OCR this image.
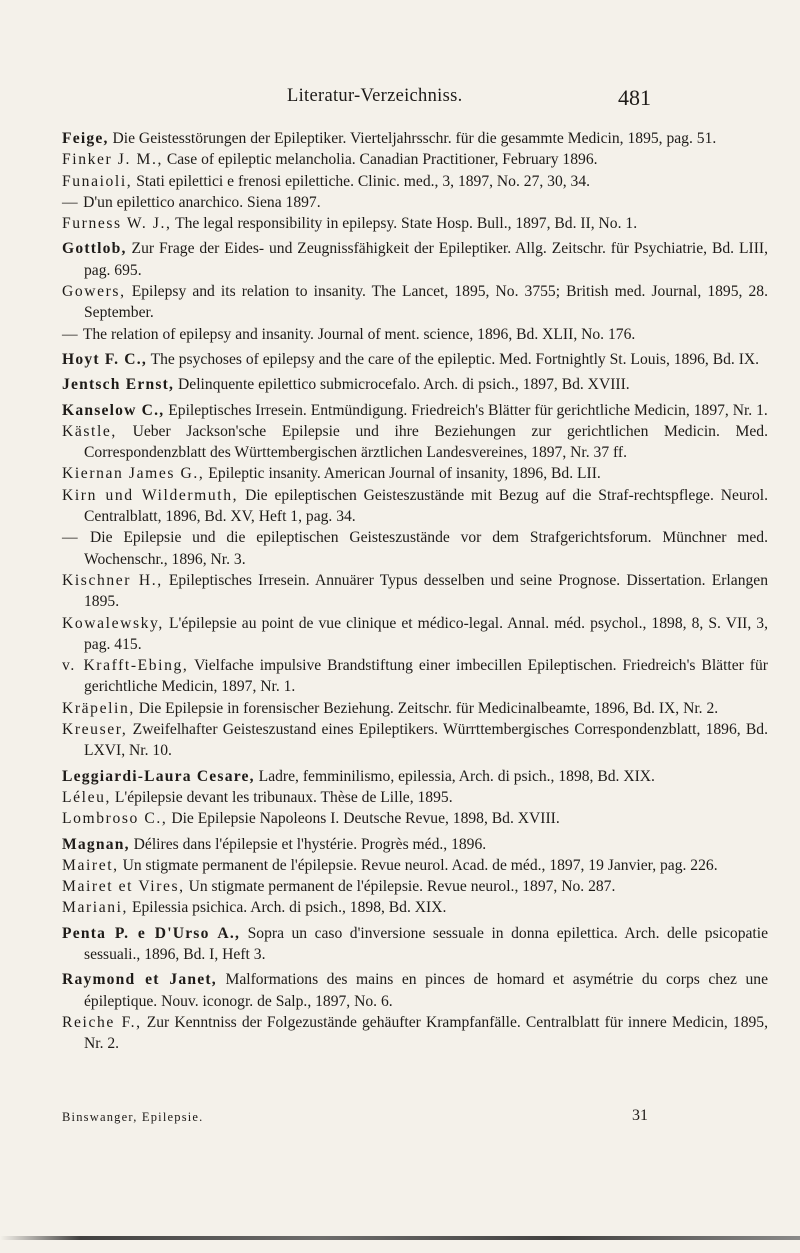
Literatur-Verzeichniss.	481
Feige, Die Geistesstörungen der Epileptiker. Vierteljahrsschr. für die gesammte Medicin, 1895, pag. 51.
Finker J. M., Case of epileptic melancholia. Canadian Practitioner, February 1896.
Funaioli, Stati epilettici e frenosi epilettiche. Clinic. med., 3, 1897, No. 27, 30, 34.
— D'un epilettico anarchico. Siena 1897.
Furness W. J., The legal responsibility in epilepsy. State Hosp. Bull., 1897, Bd. II, No. 1.
Gottlob, Zur Frage der Eides- und Zeugnissfähigkeit der Epileptiker. Allg. Zeitschr. für Psychiatrie, Bd. LIII, pag. 695.
Gowers, Epilepsy and its relation to insanity. The Lancet, 1895, No. 3755; British med. Journal, 1895, 28. September.
— The relation of epilepsy and insanity. Journal of ment. science, 1896, Bd. XLII, No. 176.
Hoyt F. C., The psychoses of epilepsy and the care of the epileptic. Med. Fortnightly St. Louis, 1896, Bd. IX.
Jentsch Ernst, Delinquente epilettico submicrocefalo. Arch. di psich., 1897, Bd. XVIII.
Kanselow C., Epileptisches Irresein. Entmündigung. Friedreich's Blätter für gerichtliche Medicin, 1897, Nr. 1.
Kästle, Ueber Jackson'sche Epilepsie und ihre Beziehungen zur gerichtlichen Medicin. Med. Correspondenzblatt des Württembergischen ärztlichen Landesvereines, 1897, Nr. 37 ff.
Kiernan James G., Epileptic insanity. American Journal of insanity, 1896, Bd. LII.
Kirn und Wildermuth, Die epileptischen Geisteszustände mit Bezug auf die Straf-rechtspflege. Neurol. Centralblatt, 1896, Bd. XV, Heft 1, pag. 34.
— Die Epilepsie und die epileptischen Geisteszustände vor dem Strafgerichtsforum. Münchner med. Wochenschr., 1896, Nr. 3.
Kischner H., Epileptisches Irresein. Annuärer Typus desselben und seine Prognose. Dissertation. Erlangen 1895.
Kowalewsky, L'épilepsie au point de vue clinique et médico-legal. Annal. méd. psychol., 1898, 8, S. VII, 3, pag. 415.
v. Krafft-Ebing, Vielfache impulsive Brandstiftung einer imbecillen Epileptischen. Friedreich's Blätter für gerichtliche Medicin, 1897, Nr. 1.
Kräpelin, Die Epilepsie in forensischer Beziehung. Zeitschr. für Medicinalbeamte, 1896, Bd. IX, Nr. 2.
Kreuser, Zweifelhafter Geisteszustand eines Epileptikers. Würrttembergisches Correspondenzblatt, 1896, Bd. LXVI, Nr. 10.
Leggiardi-Laura Cesare, Ladre, femminilismo, epilessia, Arch. di psich., 1898, Bd. XIX.
Léleu, L'épilepsie devant les tribunaux. Thèse de Lille, 1895.
Lombroso C., Die Epilepsie Napoleons I. Deutsche Revue, 1898, Bd. XVIII.
Magnan, Délires dans l'épilepsie et l'hystérie. Progrès méd., 1896.
Mairet, Un stigmate permanent de l'épilepsie. Revue neurol. Acad. de méd., 1897, 19 Janvier, pag. 226.
Mairet et Vires, Un stigmate permanent de l'épilepsie. Revue neurol., 1897, No. 287.
Mariani, Epilessia psichica. Arch. di psich., 1898, Bd. XIX.
Penta P. e D'Urso A., Sopra un caso d'inversione sessuale in donna epilettica. Arch. delle psicopatie sessuali., 1896, Bd. I, Heft 3.
Raymond et Janet, Malformations des mains en pinces de homard et asymétrie du corps chez une épileptique. Nouv. iconogr. de Salp., 1897, No. 6.
Reiche F., Zur Kenntniss der Folgezustände gehäufter Krampfanfälle. Centralblatt für innere Medicin, 1895, Nr. 2.
Binswanger, Epilepsie.	31
